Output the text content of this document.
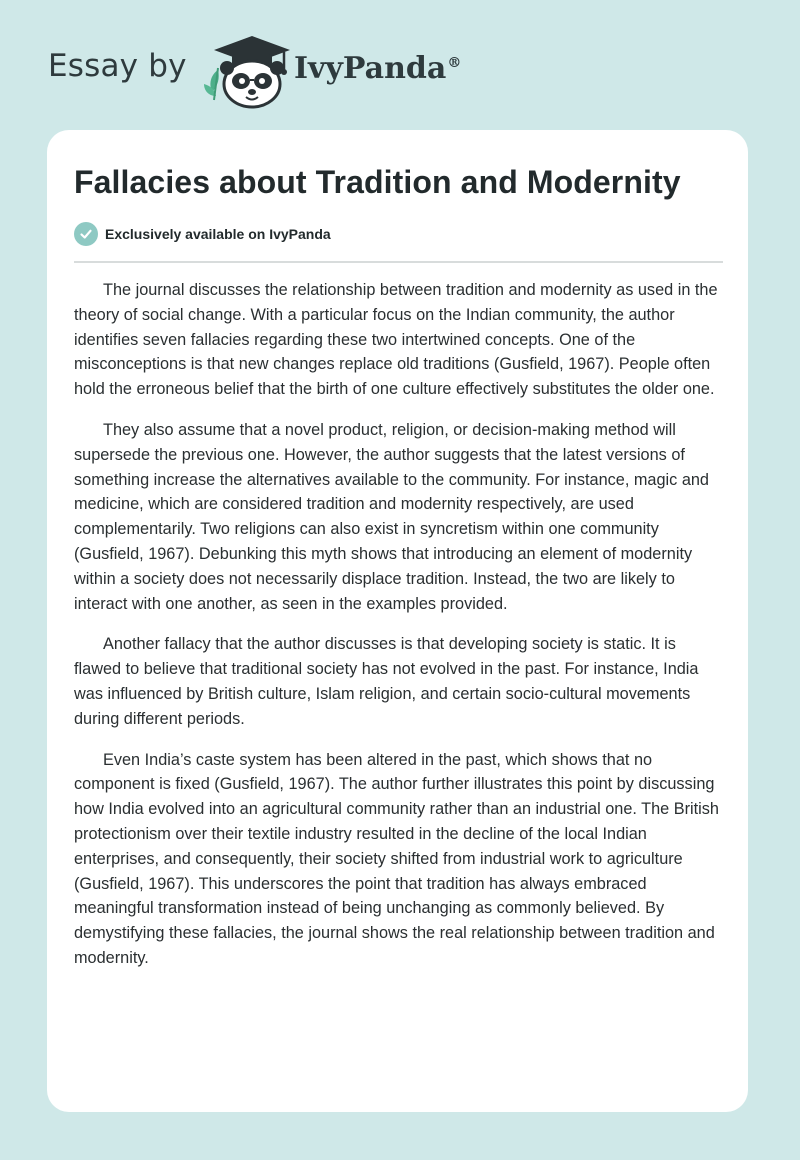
Essay by	IvyPanda®
Fallacies about Tradition and Modernity
Exclusively available on IvyPanda

The journal discusses the relationship between tradition and modernity as used in the theory of social change. With a particular focus on the Indian community, the author identifies seven fallacies regarding these two intertwined concepts. One of the misconceptions is that new changes replace old traditions (Gusfield, 1967). People often hold the erroneous belief that the birth of one culture effectively substitutes the older one.

They also assume that a novel product, religion, or decision-making method will supersede the previous one. However, the author suggests that the latest versions of something increase the alternatives available to the community. For instance, magic and medicine, which are considered tradition and modernity respectively, are used complementarily. Two religions can also exist in syncretism within one community (Gusfield, 1967). Debunking this myth shows that introducing an element of modernity within a society does not necessarily displace tradition. Instead, the two are likely to interact with one another, as seen in the examples provided.

Another fallacy that the author discusses is that developing society is static. It is flawed to believe that traditional society has not evolved in the past. For instance, India was influenced by British culture, Islam religion, and certain socio-cultural movements during different periods.

Even India’s caste system has been altered in the past, which shows that no component is fixed (Gusfield, 1967). The author further illustrates this point by discussing how India evolved into an agricultural community rather than an industrial one. The British protectionism over their textile industry resulted in the decline of the local Indian enterprises, and consequently, their society shifted from industrial work to agriculture (Gusfield, 1967). This underscores the point that tradition has always embraced meaningful transformation instead of being unchanging as commonly believed. By demystifying these fallacies, the journal shows the real relationship between tradition and modernity.
